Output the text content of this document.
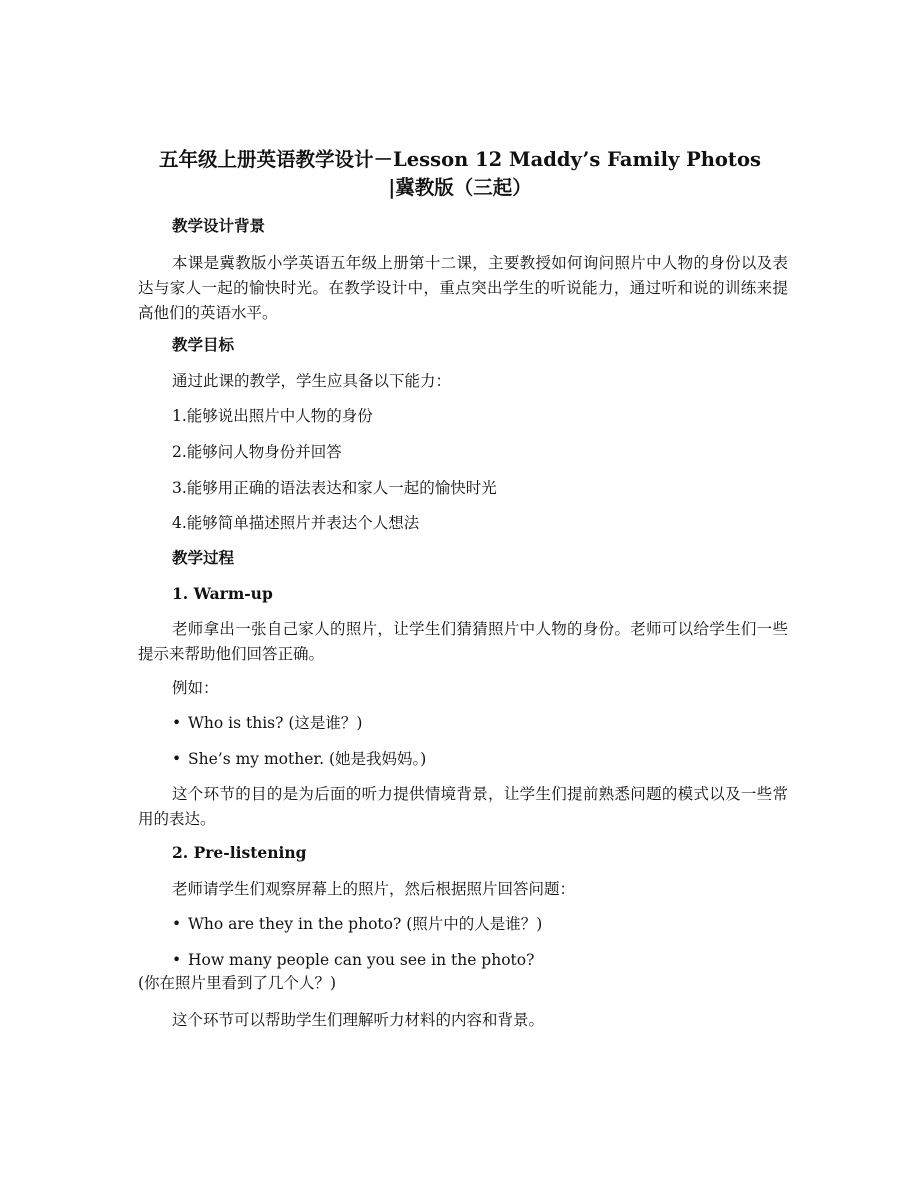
五年级上册英语教学设计－Lesson 12 Maddy’s Family Photos
|冀教版（三起）

教学设计背景

本课是冀教版小学英语五年级上册第十二课，主要教授如何询问照片中人物的身份以及表达与家人一起的愉快时光。在教学设计中，重点突出学生的听说能力，通过听和说的训练来提高他们的英语水平。

教学目标

通过此课的教学，学生应具备以下能力：

1.能够说出照片中人物的身份

2.能够问人物身份并回答

3.能够用正确的语法表达和家人一起的愉快时光

4.能够简单描述照片并表达个人想法

教学过程

1. Warm-up

老师拿出一张自己家人的照片，让学生们猜猜照片中人物的身份。老师可以给学生们一些提示来帮助他们回答正确。

例如：

• Who is this? (这是谁？)

• She’s my mother. (她是我妈妈。)

这个环节的目的是为后面的听力提供情境背景，让学生们提前熟悉问题的模式以及一些常用的表达。

2. Pre-listening

老师请学生们观察屏幕上的照片，然后根据照片回答问题：

• Who are they in the photo? (照片中的人是谁？)

• How many people can you see in the photo?

(你在照片里看到了几个人？)

这个环节可以帮助学生们理解听力材料的内容和背景。
